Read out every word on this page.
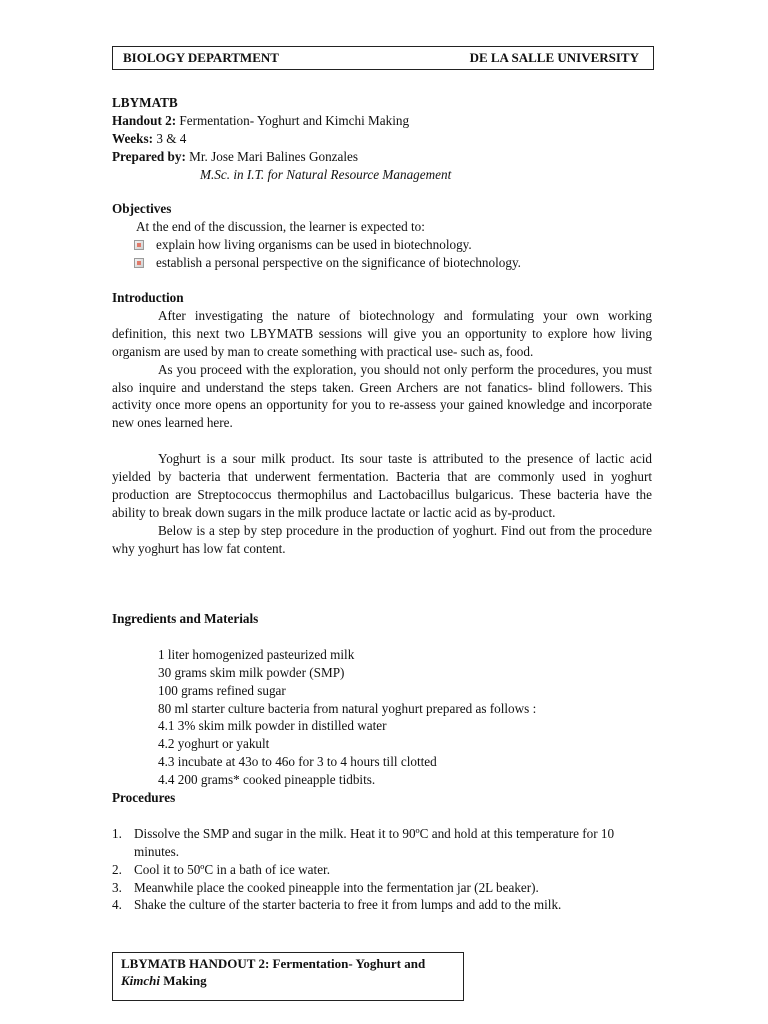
BIOLOGY DEPARTMENT	DE LA SALLE UNIVERSITY
LBYMATB
Handout 2: Fermentation- Yoghurt and Kimchi Making
Weeks: 3 & 4
Prepared by: Mr. Jose Mari Balines Gonzales
M.Sc. in I.T. for Natural Resource Management
Objectives
At the end of the discussion, the learner is expected to:
explain how living organisms can be used in biotechnology.
establish a personal perspective on the significance of biotechnology.
Introduction
After investigating the nature of biotechnology and formulating your own working definition, this next two LBYMATB sessions will give you an opportunity to explore how living organism are used by man to create something with practical use- such as, food.
As you proceed with the exploration, you should not only perform the procedures, you must also inquire and understand the steps taken. Green Archers are not fanatics- blind followers. This activity once more opens an opportunity for you to re-assess your gained knowledge and incorporate new ones learned here.
Yoghurt is a sour milk product. Its sour taste is attributed to the presence of lactic acid yielded by bacteria that underwent fermentation. Bacteria that are commonly used in yoghurt production are Streptococcus thermophilus and Lactobacillus bulgaricus. These bacteria have the ability to break down sugars in the milk produce lactate or lactic acid as by-product.
Below is a step by step procedure in the production of yoghurt. Find out from the procedure why yoghurt has low fat content.
Ingredients and Materials
1 liter homogenized pasteurized milk
30 grams skim milk powder (SMP)
100 grams refined sugar
80 ml starter culture bacteria from natural yoghurt prepared as follows :
4.1 3% skim milk powder in distilled water
4.2 yoghurt or yakult
4.3 incubate at 43o to 46o for 3 to 4 hours till clotted
4.4 200 grams* cooked pineapple tidbits.
Procedures
1. Dissolve the SMP and sugar in the milk. Heat it to 90ºC and hold at this temperature for 10 minutes.
2. Cool it to 50ºC in a bath of ice water.
3. Meanwhile place the cooked pineapple into the fermentation jar (2L beaker).
4. Shake the culture of the starter bacteria to free it from lumps and add to the milk.
LBYMATB HANDOUT 2: Fermentation- Yoghurt and
Kimchi Making
